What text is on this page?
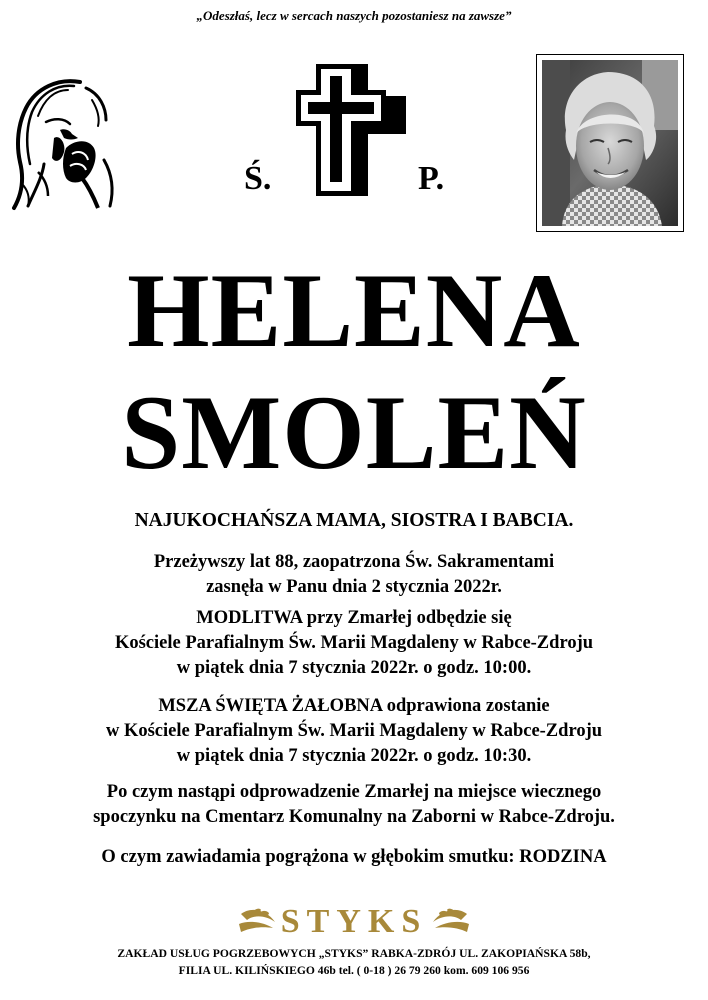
„Odeszłaś, lecz w sercach naszych pozostaniesz na zawsze”
Ś.	P.
HELENA
SMOLEŃ
NAJUKOCHAŃSZA MAMA, SIOSTRA I BABCIA.
Przeżywszy lat 88, zaopatrzona Św. Sakramentami
zasnęła w Panu dnia 2 stycznia 2022r.
MODLITWA przy Zmarłej odbędzie się
Kościele Parafialnym Św. Marii Magdaleny w Rabce-Zdroju
w piątek dnia 7 stycznia 2022r. o godz. 10:00.
MSZA ŚWIĘTA ŻAŁOBNA odprawiona zostanie
w Kościele Parafialnym Św. Marii Magdaleny w Rabce-Zdroju
w piątek dnia 7 stycznia 2022r. o godz. 10:30.
Po czym nastąpi odprowadzenie Zmarłej na miejsce wiecznego
spoczynku na Cmentarz Komunalny na Zaborni w Rabce-Zdroju.
O czym zawiadamia pogrążona w głębokim smutku: RODZINA
STYKS
ZAKŁAD USŁUG POGRZEBOWYCH „STYKS” RABKA-ZDRÓJ UL. ZAKOPIAŃSKA 58b,
FILIA UL. KILIŃSKIEGO 46b tel. ( 0-18 ) 26 79 260 kom. 609 106 956
